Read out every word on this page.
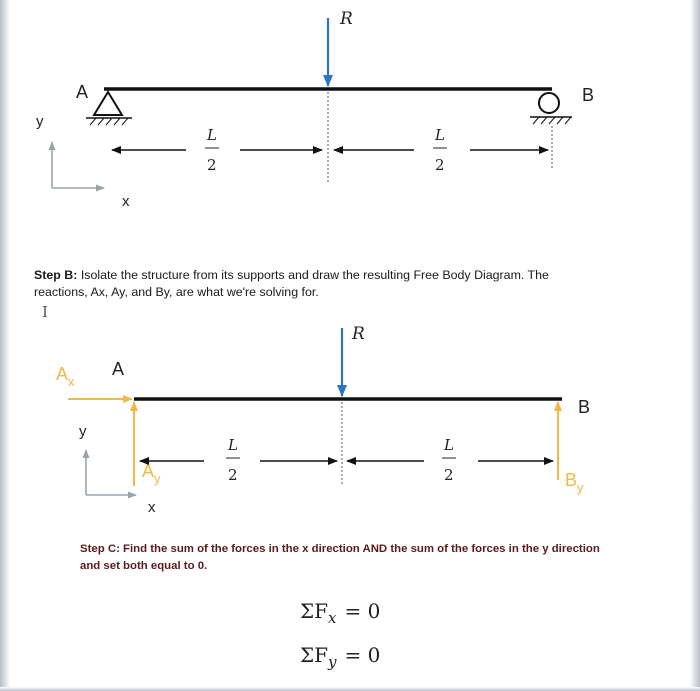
R
A	B
L
2
L
2
y
x
R
$A_x$
$A_y$	$B_y$
A
B
L
2
L
2
y
x
$\Sigma F_x = 0$
$\Sigma F_y = 0$
Step B: Isolate the structure from its supports and draw the resulting Free Body Diagram. The reactions, Ax, Ay, and By, are what we're solving for.
I
Step C: Find the sum of the forces in the x direction AND the sum of the forces in the y direction and set both equal to 0.
